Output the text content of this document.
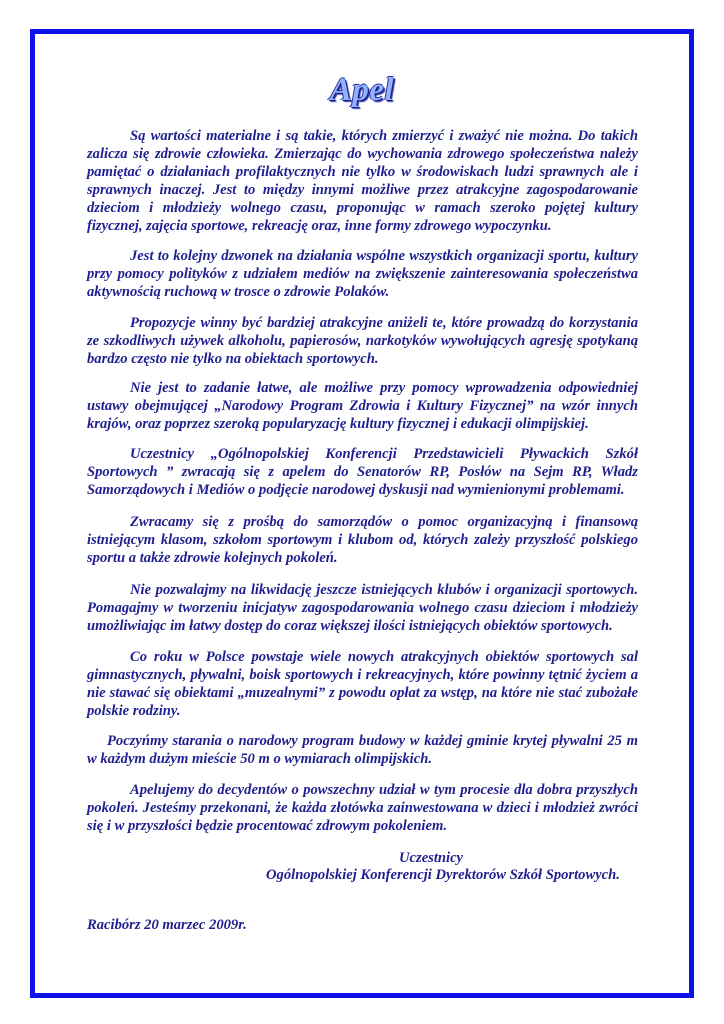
Apel

Są wartości materialne i są takie, których zmierzyć i zważyć nie można. Do takich zalicza się zdrowie człowieka. Zmierzając do wychowania zdrowego społeczeństwa należy pamiętać o działaniach profilaktycznych nie tylko w środowiskach ludzi sprawnych ale i sprawnych inaczej. Jest to między innymi możliwe przez atrakcyjne zagospodarowanie dzieciom i młodzieży wolnego czasu, proponując w ramach szeroko pojętej kultury fizycznej, zajęcia sportowe, rekreację oraz, inne formy zdrowego wypoczynku.

Jest to kolejny dzwonek na działania wspólne wszystkich organizacji sportu, kultury przy pomocy polityków z udziałem mediów na zwiększenie zainteresowania społeczeństwa aktywnością ruchową w trosce o zdrowie Polaków.

Propozycje winny być bardziej atrakcyjne aniżeli te, które prowadzą do korzystania ze szkodliwych używek alkoholu, papierosów, narkotyków wywołujących agresję spotykaną bardzo często nie tylko na obiektach sportowych.

Nie jest to zadanie łatwe, ale możliwe przy pomocy wprowadzenia odpowiedniej ustawy obejmującej „Narodowy Program Zdrowia i Kultury Fizycznej” na wzór innych krajów, oraz poprzez szeroką popularyzację kultury fizycznej i edukacji olimpijskiej.

Uczestnicy „Ogólnopolskiej Konferencji Przedstawicieli Pływackich Szkół Sportowych ” zwracają się z apelem do Senatorów RP, Posłów na Sejm RP, Władz Samorządowych i Mediów o podjęcie narodowej dyskusji nad wymienionymi problemami.

Zwracamy się z prośbą do samorządów o pomoc organizacyjną i finansową istniejącym klasom, szkołom sportowym i klubom od, których zależy przyszłość polskiego sportu a także zdrowie kolejnych pokoleń.

Nie pozwalajmy na likwidację jeszcze istniejących klubów i organizacji sportowych. Pomagajmy w tworzeniu inicjatyw zagospodarowania wolnego czasu dzieciom i młodzieży umożliwiając im łatwy dostęp do coraz większej ilości istniejących obiektów sportowych.

Co roku w Polsce powstaje wiele nowych atrakcyjnych obiektów sportowych sal gimnastycznych, pływalni, boisk sportowych i rekreacyjnych, które powinny tętnić życiem a nie stawać się obiektami „muzealnymi” z powodu opłat za wstęp, na które nie stać zubożałe polskie rodziny.

Poczyńmy starania o narodowy program budowy w każdej gminie krytej pływalni 25 m w każdym dużym mieście 50 m o wymiarach olimpijskich.

Apelujemy do decydentów o powszechny udział w tym procesie dla dobra przyszłych pokoleń. Jesteśmy przekonani, że każda złotówka zainwestowana w dzieci i młodzież zwróci się i w przyszłości będzie procentować zdrowym pokoleniem.

Uczestnicy
Ogólnopolskiej Konferencji Dyrektorów Szkół Sportowych.
Racibórz 20 marzec 2009r.
